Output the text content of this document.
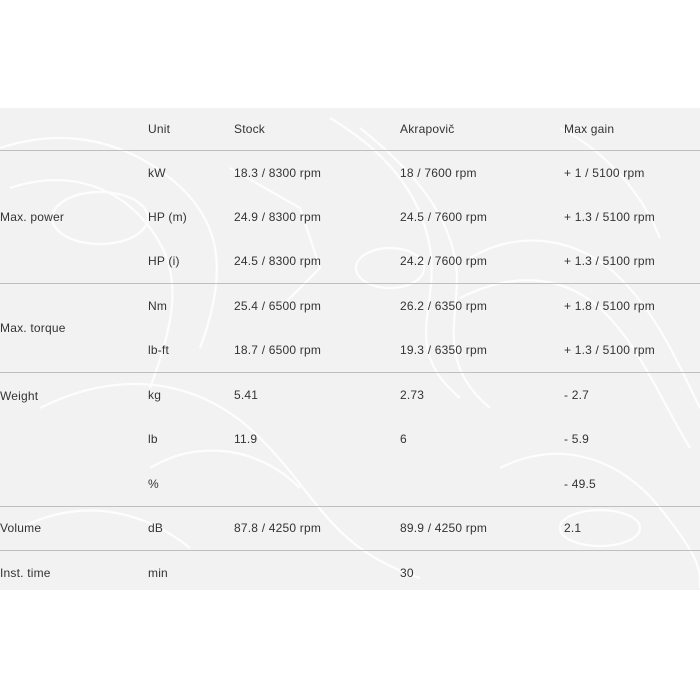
	Unit	Stock	Akrapovič	Max gain
Max. power	kW	18.3 / 8300 rpm	18 / 7600 rpm	+ 1 / 5100 rpm
	HP (m)	24.9 / 8300 rpm	24.5 / 7600 rpm	+ 1.3 / 5100 rpm
	HP (i)	24.5 / 8300 rpm	24.2 / 7600 rpm	+ 1.3 / 5100 rpm
Max. torque	Nm	25.4 / 6500 rpm	26.2 / 6350 rpm	+ 1.8 / 5100 rpm
	lb-ft	18.7 / 6500 rpm	19.3 / 6350 rpm	+ 1.3 / 5100 rpm
Weight	kg	5.41	2.73	- 2.7
	lb	11.9	6	- 5.9
	%			- 49.5
Volume	dB	87.8 / 4250 rpm	89.9 / 4250 rpm	2.1
Inst. time	min		30	
